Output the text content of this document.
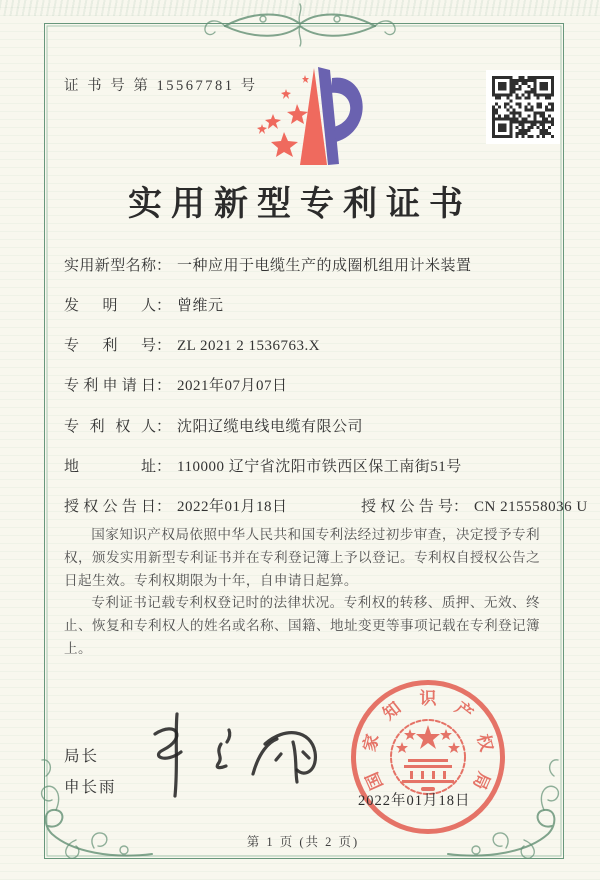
证 书 号 第 15567781 号
实用新型专利证书
实用新型名称： 一种应用于电缆生产的成圈机组用计米装置
发明人： 曾维元
专利号： ZL 2021 2 1536763.X
专利申请日： 2021年07月07日
专利权人： 沈阳辽缆电线电缆有限公司
地址： 110000 辽宁省沈阳市铁西区保工南街51号
授权公告日： 2022年01月18日	授权公告号： CN 215558036 U

国家知识产权局依照中华人民共和国专利法经过初步审查，决定授予专利权，颁发实用新型专利证书并在专利登记簿上予以登记。专利权自授权公告之日起生效。专利权期限为十年，自申请日起算。

专利证书记载专利权登记时的法律状况。专利权的转移、质押、无效、终止、恢复和专利权人的姓名或名称、国籍、地址变更等事项记载在专利登记簿上。

局长
申长雨	国
家
知 识 产
权
局
2022年01月18日
第 1 页 (共 2 页)
